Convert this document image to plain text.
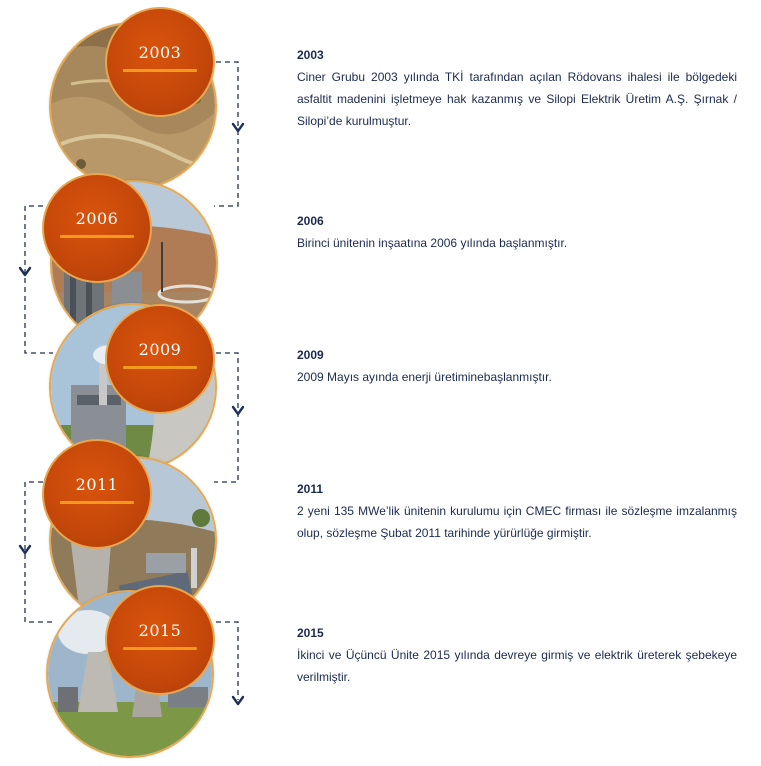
2003
2006
2009
2011
2015

2003

Ciner Grubu 2003 yılında TKİ tarafından açılan Rödovans ihalesi ile bölgedeki asfaltit madenini işletmeye hak kazanmış ve Silopi Elektrik Üretim A.Ş. Şırnak / Silopi’de kurulmuştur.

2006

Birinci ünitenin inşaatına 2006 yılında başlanmıştır.

2009

2009 Mayıs ayında enerji üretiminebaşlanmıştır.

2011

2 yeni 135 MWe’lik ünitenin kurulumu için CMEC firması ile sözleşme imzalanmış olup, sözleşme Şubat 2011 tarihinde yürürlüğe girmiştir.

2015

İkinci ve Üçüncü Ünite 2015 yılında devreye girmiş ve elektrik üreterek şebekeye verilmiştir.
